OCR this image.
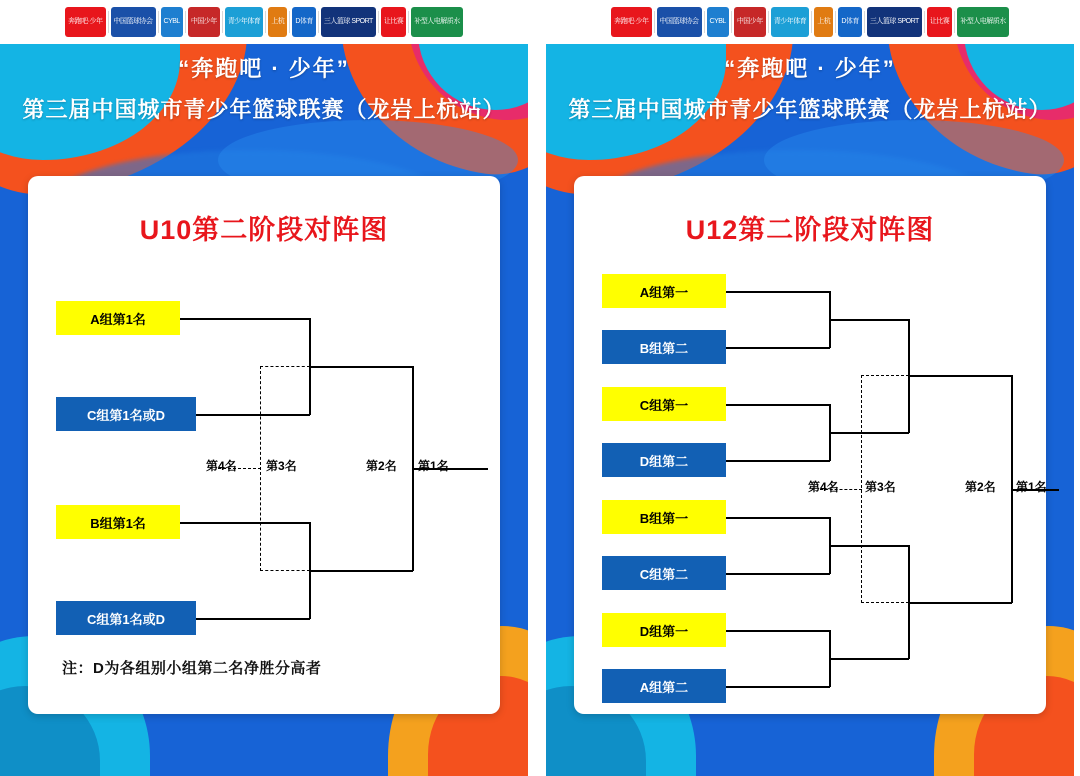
奔跑吧·少年	中国篮球协会	CYBL	中国少年	青少年体育	上杭	D体育	三人篮球 SPORT	让比赛	补型人电解质水
“奔跑吧 · 少年”
第三届中国城市青少年篮球联赛（龙岩上杭站）
U10第二阶段对阵图
A组第1名
C组第1名或D
B组第1名
C组第1名或D
第4名 第3名	第2名 第1名
注：D为各组别小组第二名净胜分高者
奔跑吧·少年	中国篮球协会	CYBL	中国少年	青少年体育	上杭	D体育	三人篮球 SPORT	让比赛	补型人电解质水
“奔跑吧 · 少年”
第三届中国城市青少年篮球联赛（龙岩上杭站）
U12第二阶段对阵图
A组第一
B组第二
C组第一
D组第二
B组第一
C组第二
D组第一
A组第二
第4名 第3名	第2名 第1名
